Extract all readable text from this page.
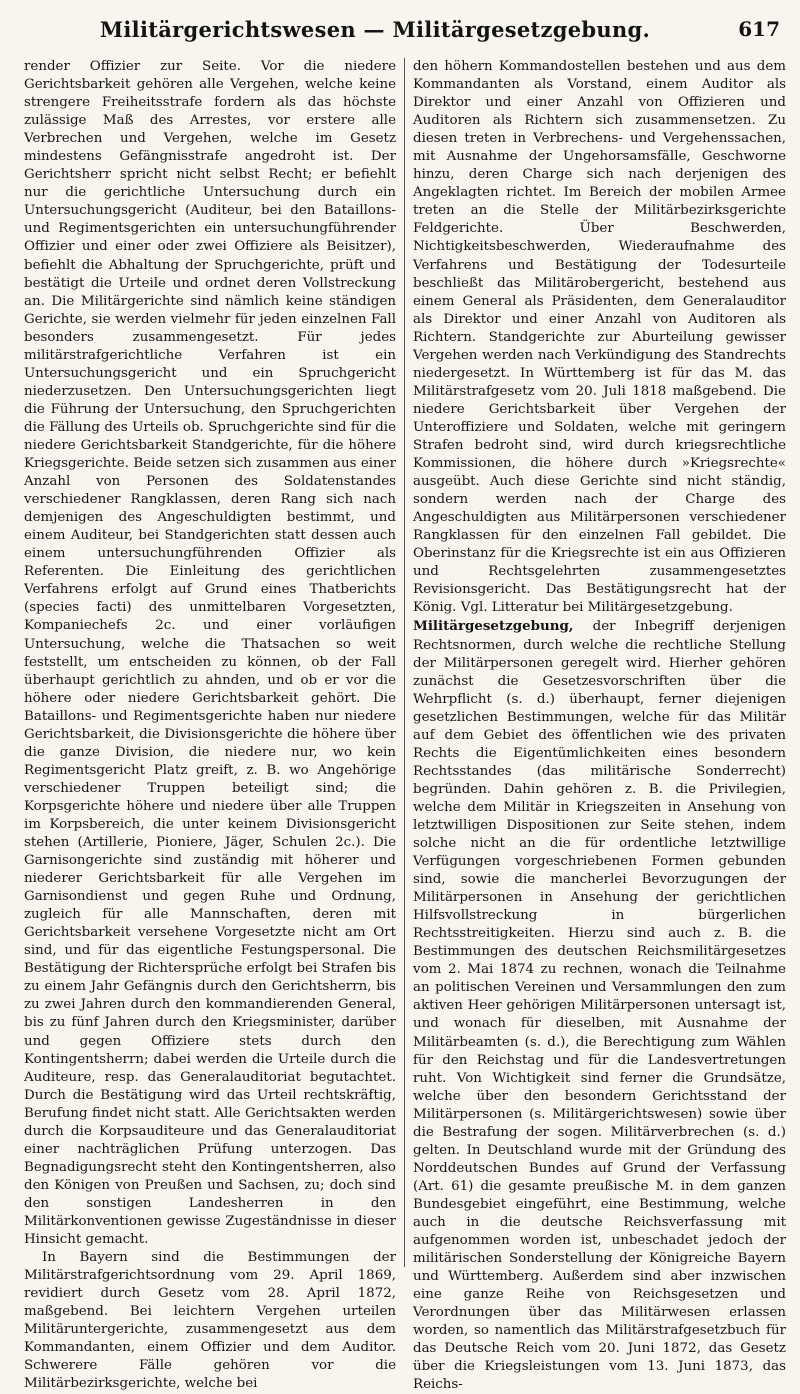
Militärgerichtswesen — Militärgesetzgebung.	617

render Offizier zur Seite. Vor die niedere Gerichtsbarkeit gehören alle Vergehen, welche keine strengere Freiheitsstrafe fordern als das höchste zulässige Maß des Arrestes, vor erstere alle Verbrechen und Vergehen, welche im Gesetz mindestens Gefängnisstrafe angedroht ist. Der Gerichtsherr spricht nicht selbst Recht; er befiehlt nur die gerichtliche Untersuchung durch ein Untersuchungsgericht (Auditeur, bei den Bataillons- und Regimentsgerichten ein untersuchungführender Offizier und einer oder zwei Offiziere als Beisitzer), befiehlt die Abhaltung der Spruchgerichte, prüft und bestätigt die Urteile und ordnet deren Vollstreckung an. Die Militärgerichte sind nämlich keine ständigen Gerichte, sie werden vielmehr für jeden einzelnen Fall besonders zusammengesetzt. Für jedes militärstrafgerichtliche Verfahren ist ein Untersuchungsgericht und ein Spruchgericht niederzusetzen. Den Untersuchungsgerichten liegt die Führung der Untersuchung, den Spruchgerichten die Fällung des Urteils ob. Spruchgerichte sind für die niedere Gerichtsbarkeit Standgerichte, für die höhere Kriegsgerichte. Beide setzen sich zusammen aus einer Anzahl von Personen des Soldatenstandes verschiedener Rangklassen, deren Rang sich nach demjenigen des Angeschuldigten bestimmt, und einem Auditeur, bei Standgerichten statt dessen auch einem untersuchungführenden Offizier als Referenten. Die Einleitung des gerichtlichen Verfahrens erfolgt auf Grund eines Thatberichts (species facti) des unmittelbaren Vorgesetzten, Kompaniechefs 2c. und einer vorläufigen Untersuchung, welche die Thatsachen so weit feststellt, um entscheiden zu können, ob der Fall überhaupt gerichtlich zu ahnden, und ob er vor die höhere oder niedere Gerichtsbarkeit gehört. Die Bataillons- und Regimentsgerichte haben nur niedere Gerichtsbarkeit, die Divisionsgerichte die höhere über die ganze Division, die niedere nur, wo kein Regimentsgericht Platz greift, z. B. wo Angehörige verschiedener Truppen beteiligt sind; die Korpsgerichte höhere und niedere über alle Truppen im Korpsbereich, die unter keinem Divisionsgericht stehen (Artillerie, Pioniere, Jäger, Schulen 2c.). Die Garnisongerichte sind zuständig mit höherer und niederer Gerichtsbarkeit für alle Vergehen im Garnisondienst und gegen Ruhe und Ordnung, zugleich für alle Mannschaften, deren mit Gerichtsbarkeit versehene Vorgesetzte nicht am Ort sind, und für das eigentliche Festungspersonal. Die Bestätigung der Richtersprüche erfolgt bei Strafen bis zu einem Jahr Gefängnis durch den Gerichtsherrn, bis zu zwei Jahren durch den kommandierenden General, bis zu fünf Jahren durch den Kriegsminister, darüber und gegen Offiziere stets durch den Kontingentsherrn; dabei werden die Urteile durch die Auditeure, resp. das Generalauditoriat begutachtet. Durch die Bestätigung wird das Urteil rechtskräftig, Berufung findet nicht statt. Alle Gerichtsakten werden durch die Korpsauditeure und das Generalauditoriat einer nachträglichen Prüfung unterzogen. Das Begnadigungsrecht steht den Kontingentsherren, also den Königen von Preußen und Sachsen, zu; doch sind den sonstigen Landesherren in den Militärkonventionen gewisse Zugeständnisse in dieser Hinsicht gemacht.

In Bayern sind die Bestimmungen der Militärstrafgerichtsordnung vom 29. April 1869, revidiert durch Gesetz vom 28. April 1872, maßgebend. Bei leichtern Vergehen urteilen Militäruntergerichte, zusammengesetzt aus dem Kommandanten, einem Offizier und dem Auditor. Schwerere Fälle gehören vor die Militärbezirksgerichte, welche bei

den höhern Kommandostellen bestehen und aus dem Kommandanten als Vorstand, einem Auditor als Direktor und einer Anzahl von Offizieren und Auditoren als Richtern sich zusammensetzen. Zu diesen treten in Verbrechens- und Vergehenssachen, mit Ausnahme der Ungehorsamsfälle, Geschworne hinzu, deren Charge sich nach derjenigen des Angeklagten richtet. Im Bereich der mobilen Armee treten an die Stelle der Militärbezirksgerichte Feldgerichte. Über Beschwerden, Nichtigkeitsbeschwerden, Wiederaufnahme des Verfahrens und Bestätigung der Todesurteile beschließt das Militärobergericht, bestehend aus einem General als Präsidenten, dem Generalauditor als Direktor und einer Anzahl von Auditoren als Richtern. Standgerichte zur Aburteilung gewisser Vergehen werden nach Verkündigung des Standrechts niedergesetzt. In Württemberg ist für das M. das Militärstrafgesetz vom 20. Juli 1818 maßgebend. Die niedere Gerichtsbarkeit über Vergehen der Unteroffiziere und Soldaten, welche mit geringern Strafen bedroht sind, wird durch kriegsrechtliche Kommissionen, die höhere durch »Kriegsrechte« ausgeübt. Auch diese Gerichte sind nicht ständig, sondern werden nach der Charge des Angeschuldigten aus Militärpersonen verschiedener Rangklassen für den einzelnen Fall gebildet. Die Oberinstanz für die Kriegsrechte ist ein aus Offizieren und Rechtsgelehrten zusammengesetztes Revisionsgericht. Das Bestätigungsrecht hat der König. Vgl. Litteratur bei Militärgesetzgebung.

Militärgesetzgebung, der Inbegriff derjenigen Rechtsnormen, durch welche die rechtliche Stellung der Militärpersonen geregelt wird. Hierher gehören zunächst die Gesetzesvorschriften über die Wehrpflicht (s. d.) überhaupt, ferner diejenigen gesetzlichen Bestimmungen, welche für das Militär auf dem Gebiet des öffentlichen wie des privaten Rechts die Eigentümlichkeiten eines besondern Rechtsstandes (das militärische Sonderrecht) begründen. Dahin gehören z. B. die Privilegien, welche dem Militär in Kriegszeiten in Ansehung von letztwilligen Dispositionen zur Seite stehen, indem solche nicht an die für ordentliche letztwillige Verfügungen vorgeschriebenen Formen gebunden sind, sowie die mancherlei Bevorzugungen der Militärpersonen in Ansehung der gerichtlichen Hilfsvollstreckung in bürgerlichen Rechtsstreitigkeiten. Hierzu sind auch z. B. die Bestimmungen des deutschen Reichsmilitärgesetzes vom 2. Mai 1874 zu rechnen, wonach die Teilnahme an politischen Vereinen und Versammlungen den zum aktiven Heer gehörigen Militärpersonen untersagt ist, und wonach für dieselben, mit Ausnahme der Militärbeamten (s. d.), die Berechtigung zum Wählen für den Reichstag und für die Landesvertretungen ruht. Von Wichtigkeit sind ferner die Grundsätze, welche über den besondern Gerichtsstand der Militärpersonen (s. Militärgerichtswesen) sowie über die Bestrafung der sogen. Militärverbrechen (s. d.) gelten. In Deutschland wurde mit der Gründung des Norddeutschen Bundes auf Grund der Verfassung (Art. 61) die gesamte preußische M. in dem ganzen Bundesgebiet eingeführt, eine Bestimmung, welche auch in die deutsche Reichsverfassung mit aufgenommen worden ist, unbeschadet jedoch der militärischen Sonderstellung der Königreiche Bayern und Württemberg. Außerdem sind aber inzwischen eine ganze Reihe von Reichsgesetzen und Verordnungen über das Militärwesen erlassen worden, so namentlich das Militärstrafgesetzbuch für das Deutsche Reich vom 20. Juni 1872, das Gesetz über die Kriegsleistungen vom 13. Juni 1873, das Reichs-
